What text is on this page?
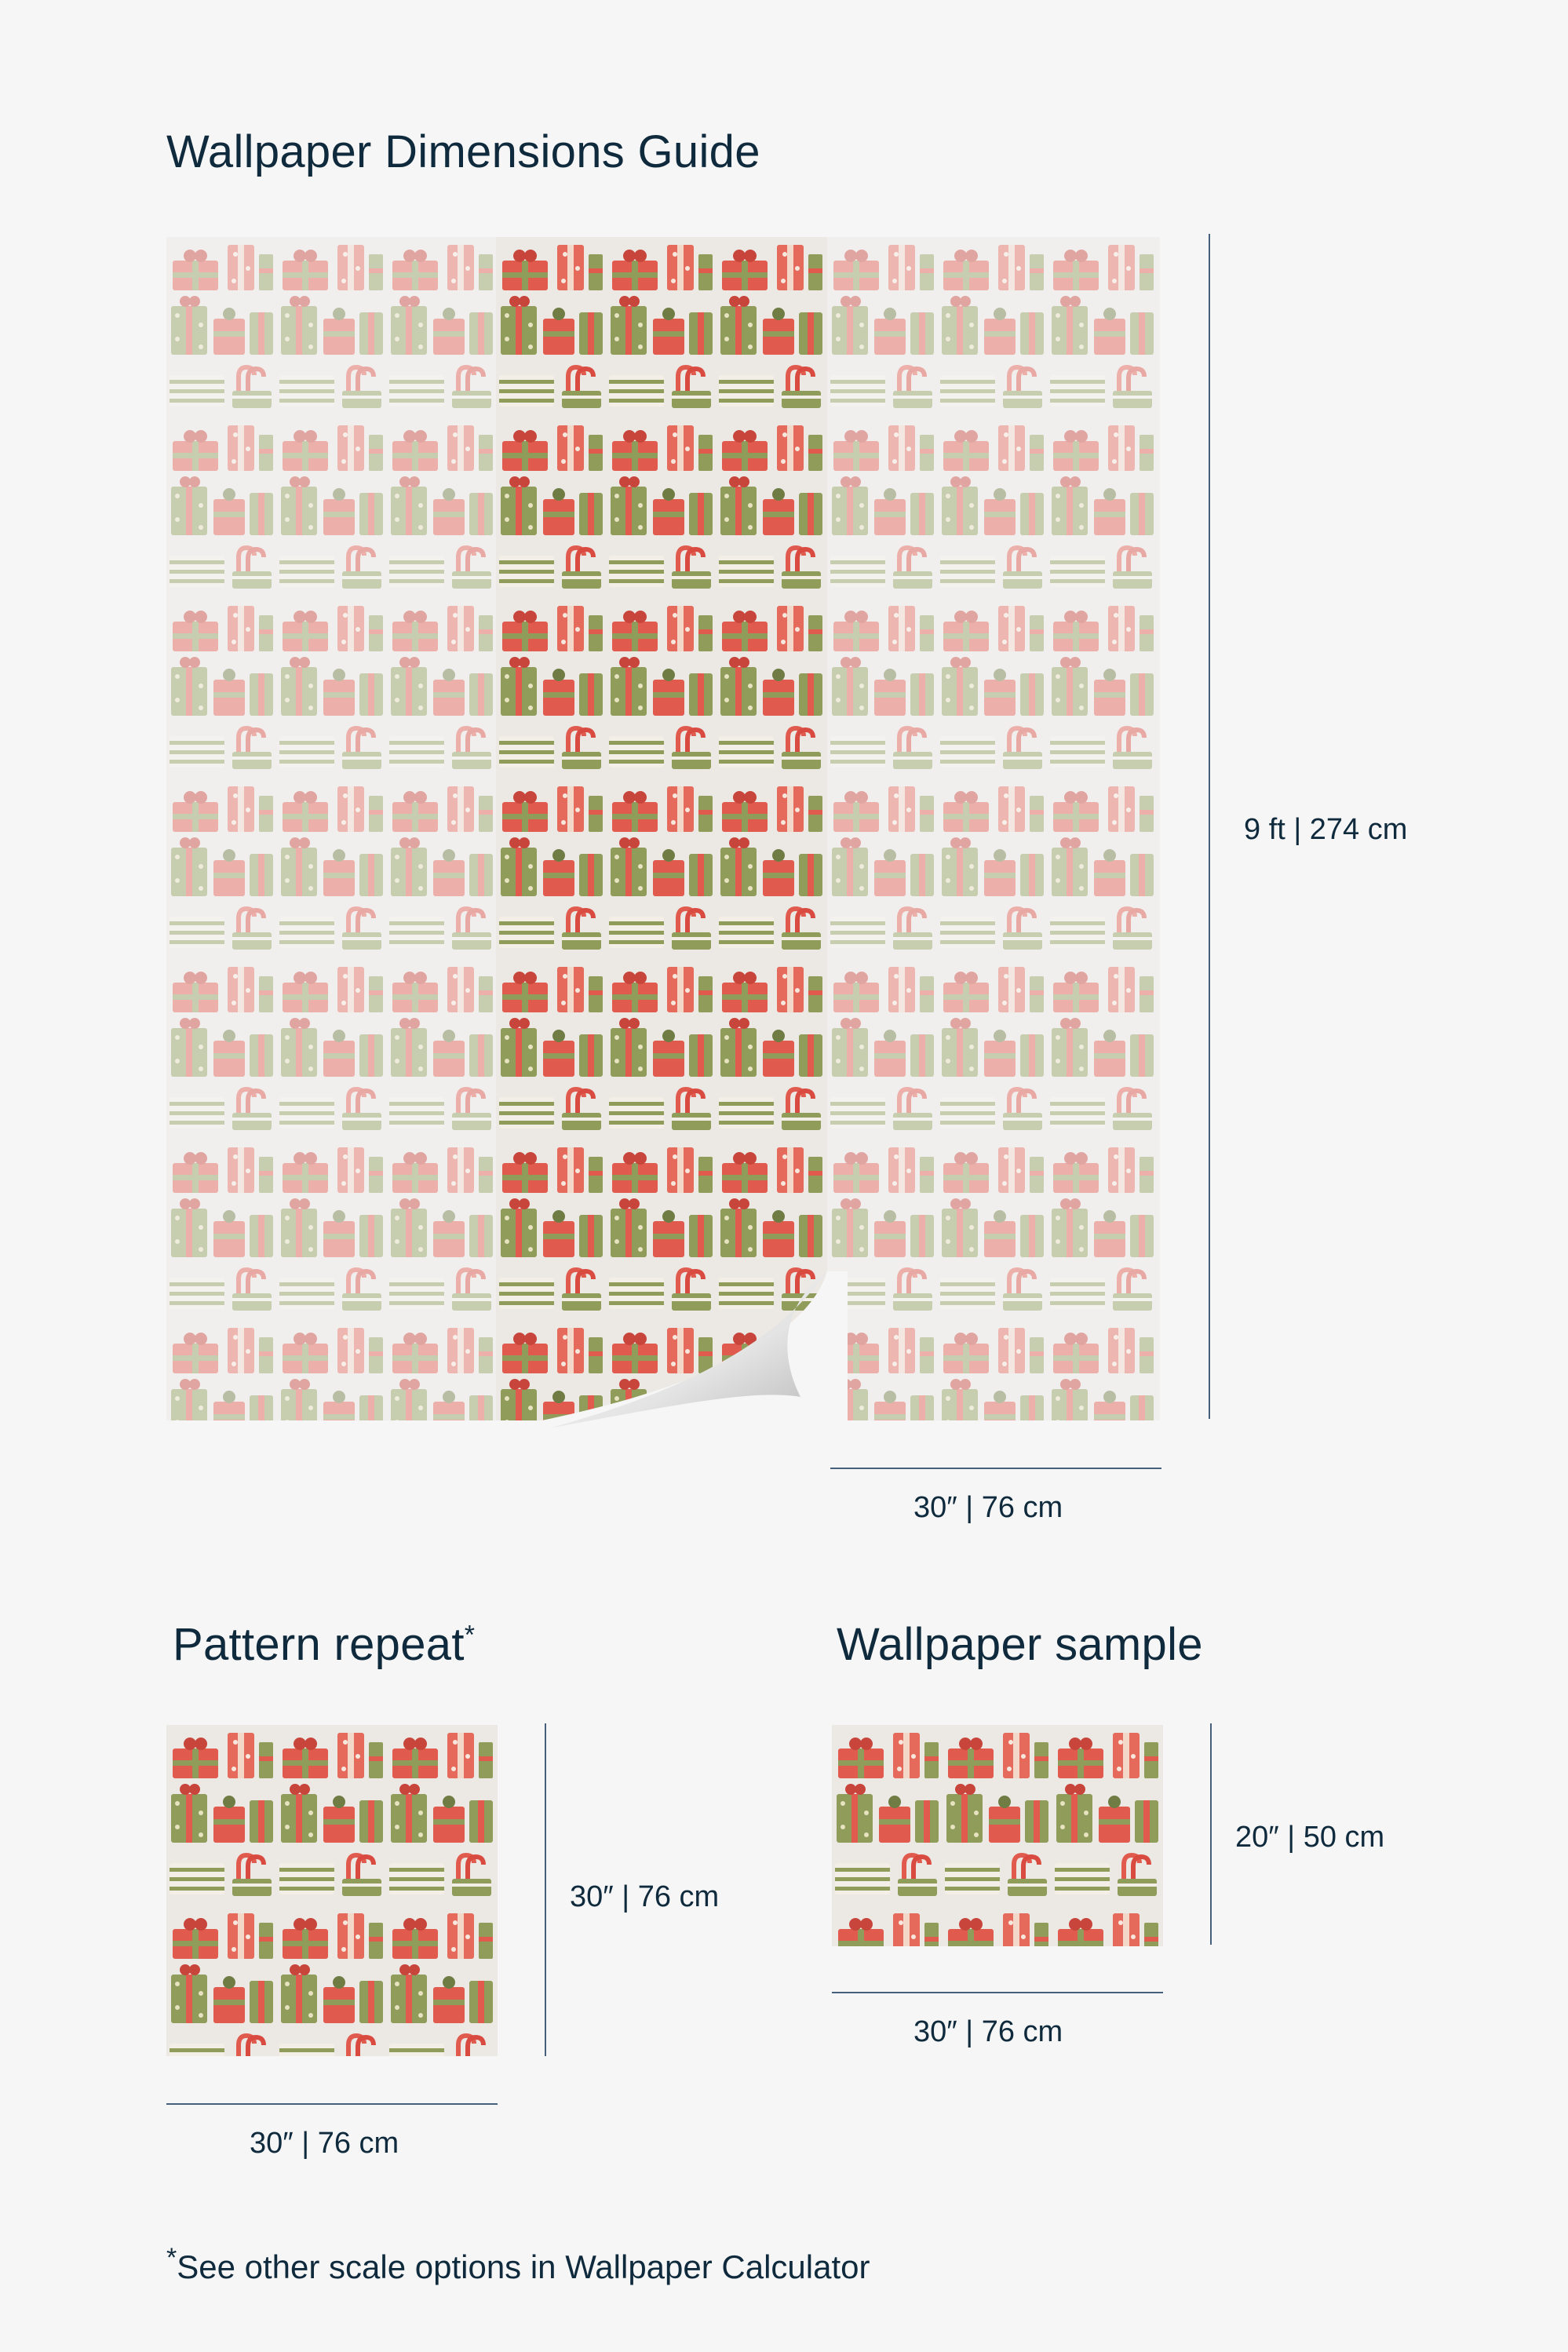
Wallpaper Dimensions Guide
9 ft | 274 cm
30″ | 76 cm
Pattern repeat*
30″ | 76 cm
30″ | 76 cm
Wallpaper sample
20″ | 50 cm
30″ | 76 cm
*See other scale options in Wallpaper Calculator
